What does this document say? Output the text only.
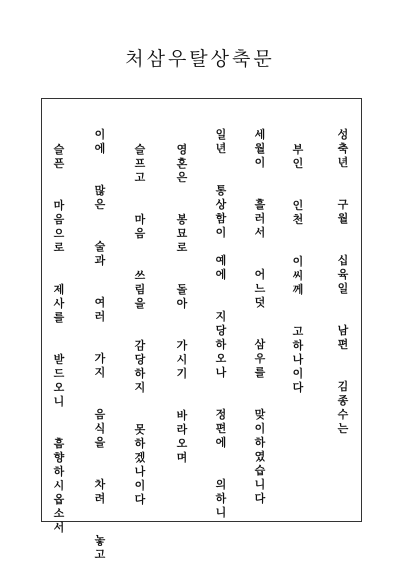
처삼우탈상축문
성
축
년
구
월
십
육
일
남
편
김
종
수
는
부
인
인
천
이
씨
께
고
하
나
이
다
세
월
이
흘
러
서
어
느
덧
삼
우
를
맞
이
하
였
습
니
다
일
년
통
상
함
이
예
에
지
당
하
오
나
정
편
에
의
하
니
영
혼
은
봉
묘
로
돌
아
가
시
기
바
라
오
며
슬
프
고
마
음
쓰
림
을
감
당
하
지
못
하
겠
나
이
다
이
에
많
은
술
과
여
러
가
지
음
식
을
차
려
놓
고
슬
픈
마
음
으
로
제
사
를
받
드
오
니
흠
향
하
시
옵
소
서
